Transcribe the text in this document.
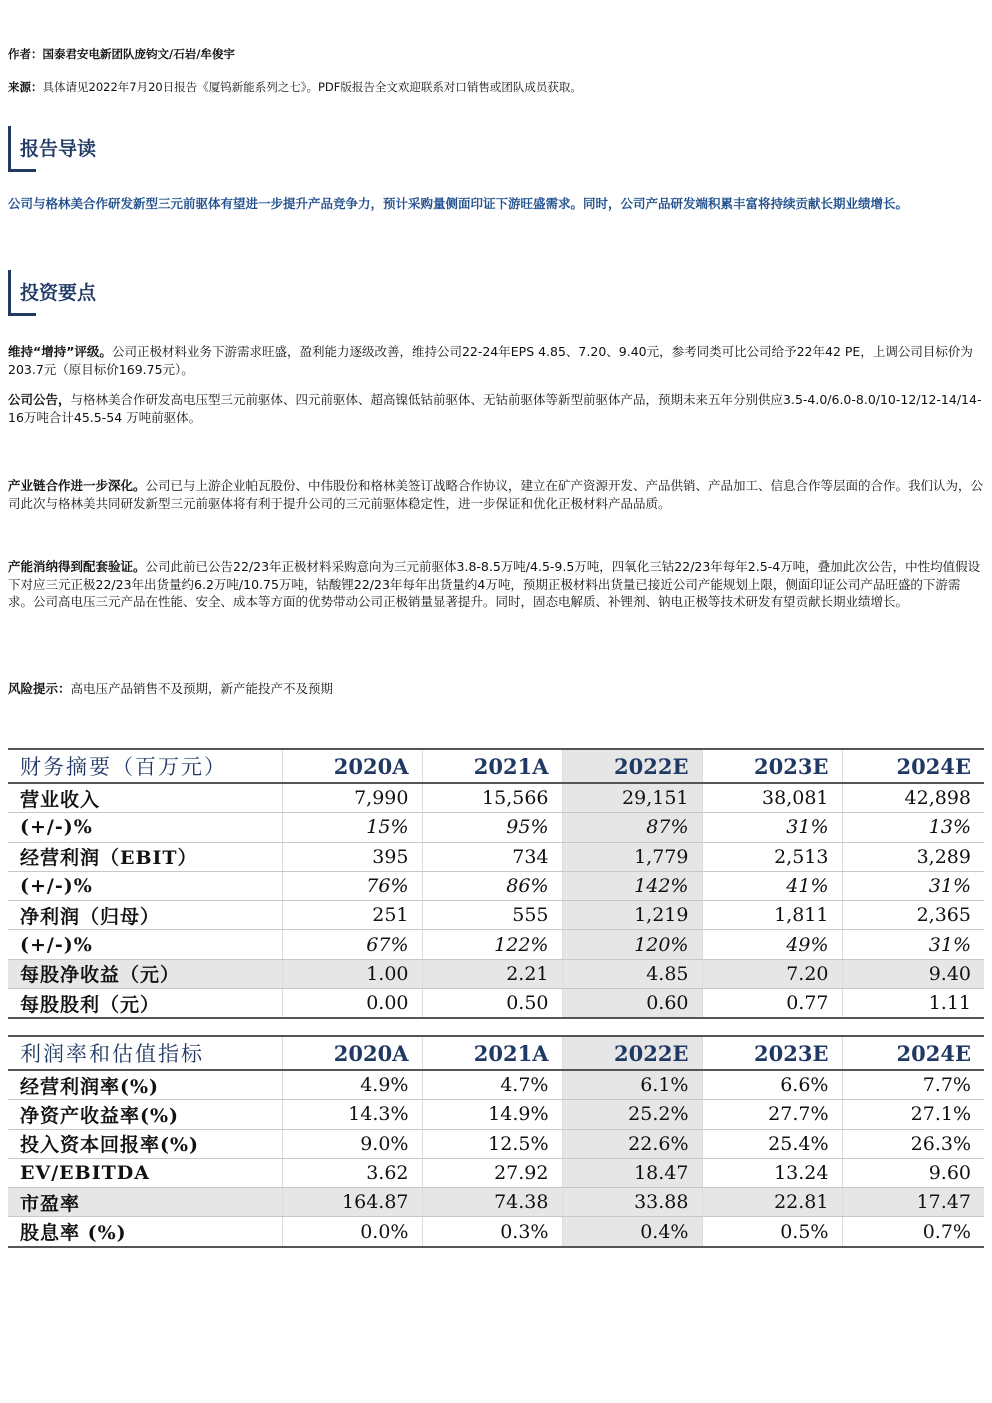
作者：国泰君安电新团队庞钧文/石岩/牟俊宇
来源：具体请见2022年7月20日报告《厦钨新能系列之七》。PDF版报告全文欢迎联系对口销售或团队成员获取。
报告导读
公司与格林美合作研发新型三元前驱体有望进一步提升产品竞争力，预计采购量侧面印证下游旺盛需求。同时，公司产品研发端积累丰富将持续贡献长期业绩增长。
投资要点

维持“增持”评级。公司正极材料业务下游需求旺盛，盈利能力逐级改善，维持公司22-24年EPS 4.85、7.20、9.40元，参考同类可比公司给予22年42 PE，上调公司目标价为203.7元（原目标价169.75元）。

公司公告，与格林美合作研发高电压型三元前驱体、四元前驱体、超高镍低钴前驱体、无钴前驱体等新型前驱体产品，预期未来五年分别供应3.5-4.0/6.0-8.0/10-12/12-14/14-16万吨合计45.5-54 万吨前驱体。

产业链合作进一步深化。公司已与上游企业帕瓦股份、中伟股份和格林美签订战略合作协议，建立在矿产资源开发、产品供销、产品加工、信息合作等层面的合作。我们认为，公司此次与格林美共同研发新型三元前驱体将有利于提升公司的三元前驱体稳定性，进一步保证和优化正极材料产品品质。

产能消纳得到配套验证。公司此前已公告22/23年正极材料采购意向为三元前驱体3.8-8.5万吨/4.5-9.5万吨，四氧化三钴22/23年每年2.5-4万吨，叠加此次公告，中性均值假设下对应三元正极22/23年出货量约6.2万吨/10.75万吨，钴酸锂22/23年每年出货量约4万吨，预期正极材料出货量已接近公司产能规划上限，侧面印证公司产品旺盛的下游需求。公司高电压三元产品在性能、安全、成本等方面的优势带动公司正极销量显著提升。同时，固态电解质、补锂剂、钠电正极等技术研发有望贡献长期业绩增长。

风险提示：高电压产品销售不及预期，新产能投产不及预期

财务摘要（百万元）	2020A	2021A	2022E	2023E	2024E
营业收入	7,990	15,566	29,151	38,081	42,898
(+/-)%	15%	95%	87%	31%	13%
经营利润（EBIT）	395	734	1,779	2,513	3,289
(+/-)%	76%	86%	142%	41%	31%
净利润（归母）	251	555	1,219	1,811	2,365
(+/-)%	67%	122%	120%	49%	31%
每股净收益（元）	1.00	2.21	4.85	7.20	9.40
每股股利（元）	0.00	0.50	0.60	0.77	1.11
利润率和估值指标	2020A	2021A	2022E	2023E	2024E
经营利润率(%)	4.9%	4.7%	6.1%	6.6%	7.7%
净资产收益率(%)	14.3%	14.9%	25.2%	27.7%	27.1%
投入资本回报率(%)	9.0%	12.5%	22.6%	25.4%	26.3%
EV/EBITDA	3.62	27.92	18.47	13.24	9.60
市盈率	164.87	74.38	33.88	22.81	17.47
股息率 (%)	0.0%	0.3%	0.4%	0.5%	0.7%
